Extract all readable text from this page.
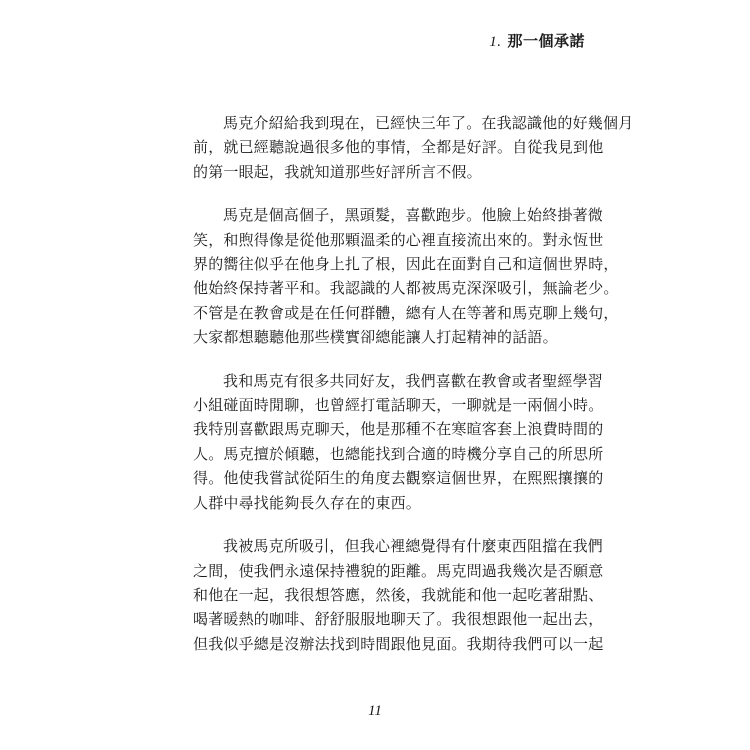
1. 那一個承諾

馬克介紹給我到現在，已經快三年了。在我認識他的好幾個月
前，就已經聽說過很多他的事情，全都是好評。自從我見到他
的第一眼起，我就知道那些好評所言不假。

馬克是個高個子，黑頭髮，喜歡跑步。他臉上始終掛著微
笑，和煦得像是從他那顆溫柔的心裡直接流出來的。對永恆世
界的嚮往似乎在他身上扎了根，因此在面對自己和這個世界時，
他始終保持著平和。我認識的人都被馬克深深吸引，無論老少。
不管是在教會或是在任何群體，總有人在等著和馬克聊上幾句，
大家都想聽聽他那些樸實卻總能讓人打起精神的話語。

我和馬克有很多共同好友，我們喜歡在教會或者聖經學習
小組碰面時閒聊，也曾經打電話聊天，一聊就是一兩個小時。
我特別喜歡跟馬克聊天，他是那種不在寒暄客套上浪費時間的
人。馬克擅於傾聽，也總能找到合適的時機分享自己的所思所
得。他使我嘗試從陌生的角度去觀察這個世界，在熙熙攘攘的
人群中尋找能夠長久存在的東西。

我被馬克所吸引，但我心裡總覺得有什麼東西阻擋在我們
之間，使我們永遠保持禮貌的距離。馬克問過我幾次是否願意
和他在一起，我很想答應，然後，我就能和他一起吃著甜點、
喝著暖熱的咖啡、舒舒服服地聊天了。我很想跟他一起出去，
但我似乎總是沒辦法找到時間跟他見面。我期待我們可以一起

11
